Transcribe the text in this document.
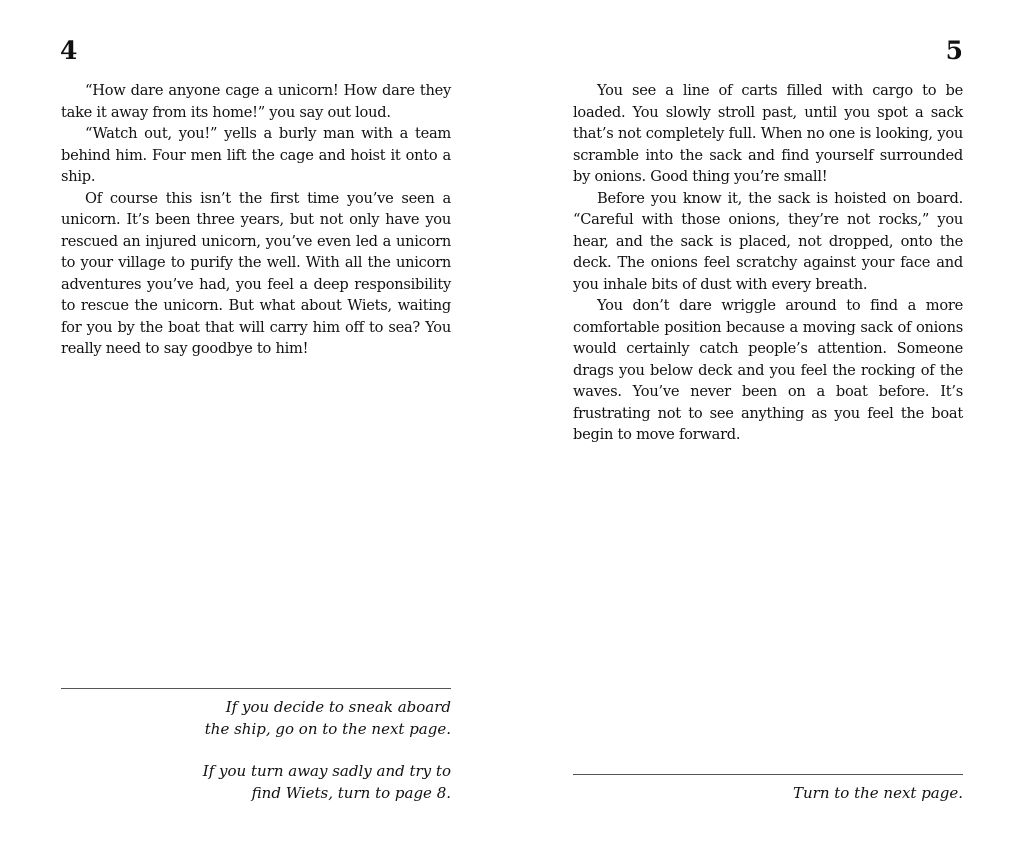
4

“How dare anyone cage a unicorn! How dare they take it away from its home!” you say out loud.

“Watch out, you!” yells a burly man with a team behind him. Four men lift the cage and hoist it onto a ship.

Of course this isn’t the first time you’ve seen a unicorn. It’s been three years, but not only have you rescued an injured unicorn, you’ve even led a unicorn to your village to purify the well. With all the unicorn adventures you’ve had, you feel a deep responsibility to rescue the unicorn. But what about Wiets, waiting for you by the boat that will carry him off to sea? You really need to say goodbye to him!

If you decide to sneak aboard
the ship, go on to the next page.
If you turn away sadly and try to
find Wiets, turn to page 8.
5

You see a line of carts filled with cargo to be loaded. You slowly stroll past, until you spot a sack that’s not completely full. When no one is looking, you scramble into the sack and find yourself surrounded by onions. Good thing you’re small!

Before you know it, the sack is hoisted on board. “Careful with those onions, they’re not rocks,” you hear, and the sack is placed, not dropped, onto the deck. The onions feel scratchy against your face and you inhale bits of dust with every breath.

You don’t dare wriggle around to find a more comfortable position because a moving sack of onions would certainly catch people’s attention. Someone drags you below deck and you feel the rocking of the waves. You’ve never been on a boat before. It’s frustrating not to see anything as you feel the boat begin to move forward.

Turn to the next page.
